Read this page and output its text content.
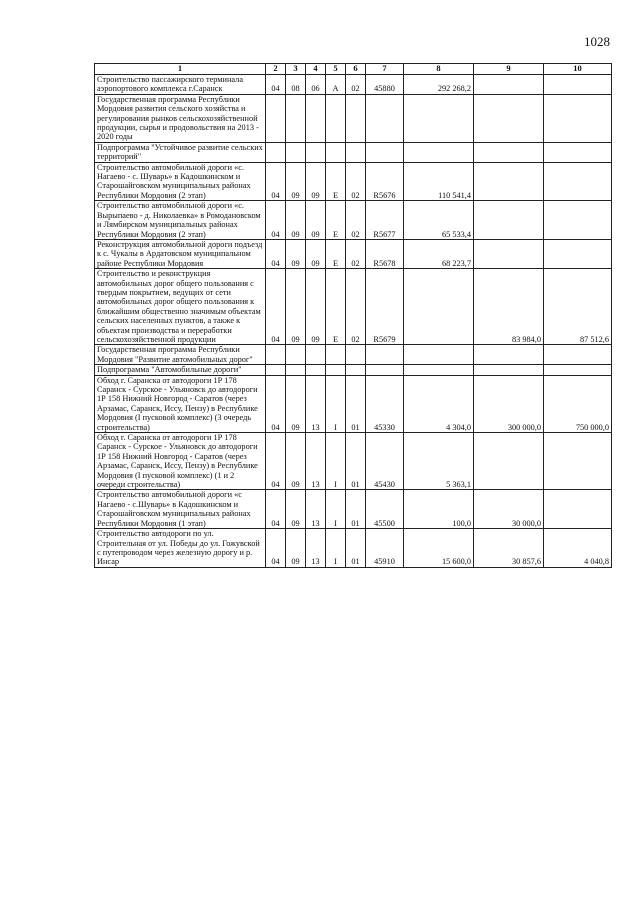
1028
1	2	3	4	5	6	7	8	9	10
Строительство пассажирского терминала аэропортового комплекса г.Саранск	04	08	06	А	02	45880	292 268,2		
Государственная программа Республики Мордовия развития сельского хозяйства и регулирования рынков сельскохозяйственной продукции, сырья и продовольствия на 2013 - 2020 годы									
Подпрограмма "Устойчивое развитие сельских территорий"									
Строительство автомобильной дороги «с. Нагаево - с. Шуварь» в Кадошкинском и Старошайговском муниципальных районах Республики Мордовия (2 этап)	04	09	09	Е	02	R5676	110 541,4		
Строительство автомобильной дороги «с. Вырыпаево - д. Николаевка» в Ромодановском и Лямбирском муниципальных районах Республики Мордовия (2 этап)	04	09	09	Е	02	R5677	65 533,4		
Реконструкция автомобильной дороги подъезд к с. Чукалы в Ардатовском муниципальном районе Республики Мордовия	04	09	09	Е	02	R5678	68 223,7		
Строительство и реконструкция автомобильных дорог общего пользования с твердым покрытием, ведущих от сети автомобильных дорог общего пользования к ближайшим общественно значимым объектам сельских населенных пунктов, а также к объектам производства и переработки сельскохозяйственной продукции	04	09	09	Е	02	R5679		83 984,0	87 512,6
Государственная программа Республики Мордовия "Развитие автомобильных дорог"									
Подпрограмма "Автомобильные дороги"									
Обход г. Саранска от автодороги 1Р 178 Саранск - Сурское - Ульяновск до автодороги 1Р 158 Нижний Новгород - Саратов (через Арзамас, Саранск, Иссу, Пензу) в Республике Мордовия (I пусковой комплекс) (3 очередь строительства)	04	09	13	I	01	45330	4 304,0	300 000,0	750 000,0
Обход г. Саранска от автодороги 1Р 178 Саранск - Сурское - Ульяновск до автодороги 1Р 158 Нижний Новгород - Саратов (через Арзамас, Саранск, Иссу, Пензу) в Республике Мордовия (I пусковой комплекс) (1 и 2 очереди строительства)	04	09	13	I	01	45430	5 363,1		
Строительство автомобильной дороги «с Нагаево - с.Шуварь» в Кадошкинском и Старошайговском муниципальных районах Республики Мордовия (1 этап)	04	09	13	I	01	45500	100,0	30 000,0	
Строительство автодороги по ул. Строительная от ул. Победы до ул. Гожувской с путепроводом через железную дорогу и р. Инсар	04	09	13	I	01	45910	15 600,0	30 857,6	4 040,8
